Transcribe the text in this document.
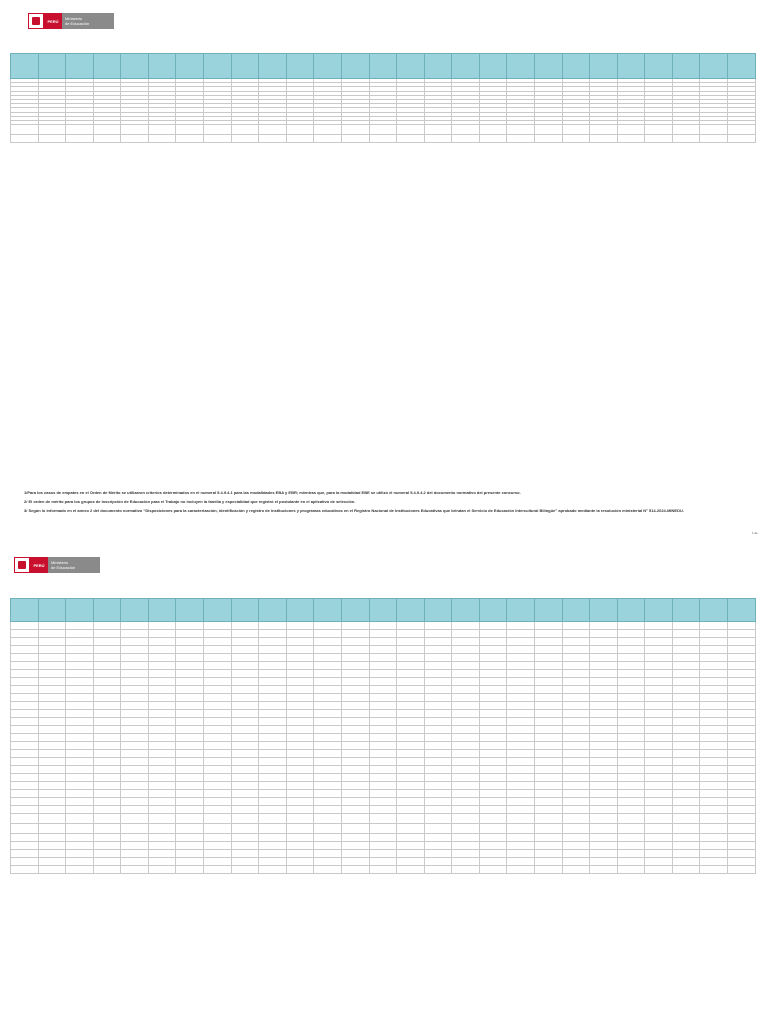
PERÚ	Ministerio
de Educación

1/Para los casos de empates en el Orden de Mérito se utilizaron criterios determinados en el numeral 5.4.9.4.1 para las modalidades EBA y EBR; mientras que, para la modalidad EBE se utilizó el numeral 5.4.9.4.2 del documento normativo del presente concurso.

2/ El orden de mérito para los grupos de inscripción de Educación para el Trabajo no incluyen la familia y especialidad que registró el postulante en el aplicativo de selección.

3/ Según lo informado en el anexo 2 del documento normativo “Disposiciones para la caracterización, identificación y registro de instituciones y programas educativos en el Registro Nacional de Instituciones Educativas que brindan el Servicio de Educación Intercultural Bilingüe” aprobado mediante la resolución ministerial N° 514-2024-MINEDU.

1 de
PERÚ	Ministerio
de Educación
